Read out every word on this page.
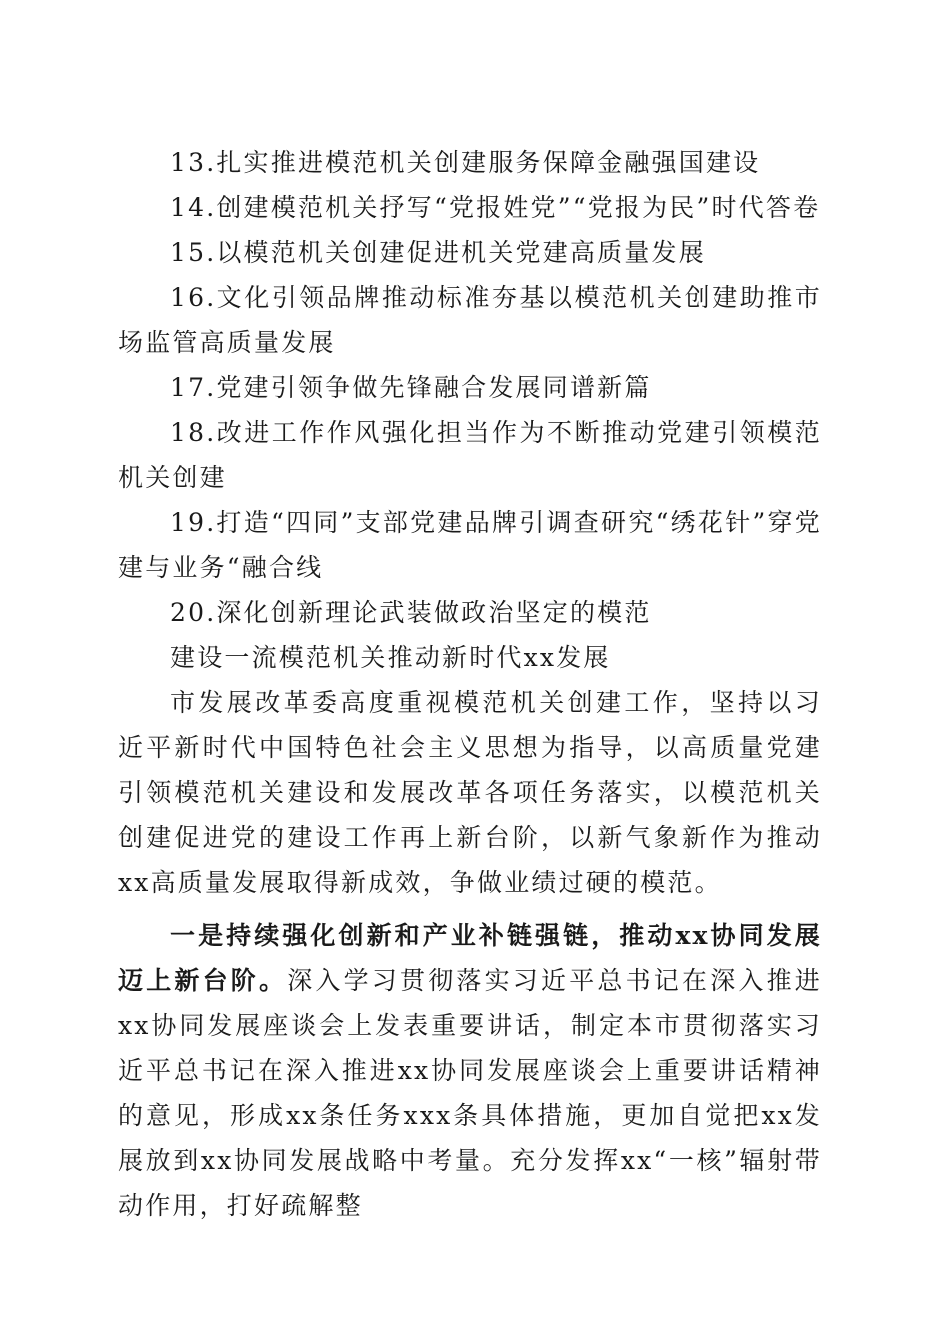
13.扎实推进模范机关创建服务保障金融强国建设

14.创建模范机关抒写“党报姓党”“党报为民”时代答卷

15.以模范机关创建促进机关党建高质量发展

16.文化引领品牌推动标准夯基以模范机关创建助推市场监管高质量发展

17.党建引领争做先锋融合发展同谱新篇

18.改进工作作风强化担当作为不断推动党建引领模范机关创建

19.打造“四同”支部党建品牌引调查研究“绣花针”穿党建与业务“融合线

20.深化创新理论武装做政治坚定的模范

建设一流模范机关推动新时代xx发展

市发展改革委高度重视模范机关创建工作，坚持以习近平新时代中国特色社会主义思想为指导，以高质量党建引领模范机关建设和发展改革各项任务落实，以模范机关创建促进党的建设工作再上新台阶，以新气象新作为推动xx高质量发展取得新成效，争做业绩过硬的模范。

一是持续强化创新和产业补链强链，推动xx协同发展迈上新台阶。深入学习贯彻落实习近平总书记在深入推进xx协同发展座谈会上发表重要讲话，制定本市贯彻落实习近平总书记在深入推进xx协同发展座谈会上重要讲话精神的意见，形成xx条任务xxx条具体措施，更加自觉把xx发展放到xx协同发展战略中考量。充分发挥xx“一核”辐射带动作用，打好疏解整
